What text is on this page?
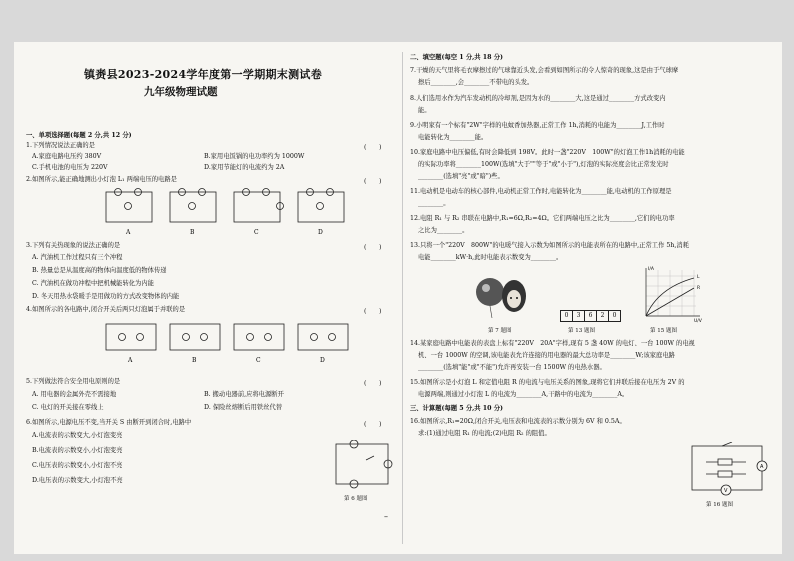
镇赉县2023-2024学年度第一学期期末测试卷
九年级物理试题
一、单项选择题(每题 2 分,共 12 分)
1.下列情况说法正确的是	(　　)
A.家庭电路电压约 380V	B.家用电饭锅的电功率约为 1000W
C.手机电池的电压为 220V	D.家用节能灯的电流约为 2A
2.如图所示,能正确地测出小灯泡 L₁ 两端电压的电路是	(　　)
A	B	C	D
3.下列有关热现象的说法正确的是	(　　)
A. 汽油机工作过程只有三个冲程
B. 热量总是从温度高的物体向温度低的物体传递
C. 汽油机在做功冲程中把机械能转化为内能
D. 冬天用热水袋暖手是用做功的方式改变物体的内能
4.如图所示的各电路中,闭合开关后两只灯泡属于并联的是	(　　)
A	B	C	D
5.下列做法符合安全用电原则的是	(　　)
A. 用电器的金属外壳不需接地	B. 搬动电器前,应将电源断开
C. 电灯的开关接在零线上	D. 保险丝熔断后用铁丝代替
6.如图所示,电源电压不变,当开关 S 由断开到闭合时,电路中	(　　)
A.电流表的示数变大,小灯泡变亮
B.电流表的示数变小,小灯泡变亮
C.电压表的示数变小,小灯泡不亮
D.电压表的示数变大,小灯泡不亮
第 6 题图
二、填空题(每空 1 分,共 18 分)
7.干燥的天气里将毛衣摩擦过的气球靠近头发,会看到如图所示的令人惊奇的现象,这是由于气球摩
擦后________,会________不带电的头发。
8.人们选用水作为汽车发动机的冷却剂,是因为水的________大,这是通过________方式改变内
能。
9.小明家有一个标有"2W"字样的电蚊香加热器,正常工作 1h,消耗的电能为________J,工作时
电能转化为________能。
10.家庭电路中电压偏低,有时会降低到 198V。此时一盏"220V　100W"的灯泡工作1h消耗的电能
的实际功率将________100W(选填"大于""等于"或"小于"),灯泡的实际亮度会比正常发光时
________(选填"亮"或"暗")些。
11.电动机是电动车的核心部件,电动机正常工作时,电能转化为________能,电动机的工作原理是
________。
12.电阻 R₁ 与 R₂ 串联在电路中,R₁=6Ω,R₂=4Ω。它们两端电压之比为________,它们的电功率
之比为________。
13.只将一个"220V　800W"的电暖气接入示数为如图所示的电能表所在的电路中,正常工作 5h,消耗
电能________kW·h,此时电能表示数变为________。
第 7 题图
0	3	6	2	0
第 13 题图
I/A
U/V
L
R
第 15 题图
14.某家庭电路中电能表的表盘上标有"220V　20A"字样,现有 5 盏 40W 的电灯、一台 100W 的电视
机、一台 1000W 的空调,该电能表允许连接的用电器的最大总功率是________W;该家庭电路
________(选填"能"或"不能")允许再安装一台 1500W 的电热水器。
15.如图所示是小灯泡 L 和定值电阻 R 的电流与电压关系的图象,现将它们并联后接在电压为 2V 的
电源两端,则通过小灯泡 L 的电流为________A,干路中的电流为________A。
三、计算题(每题 5 分,共 10 分)
16.如图所示,R₁=20Ω,闭合开关,电压表和电流表的示数分别为 6V 和 0.5A。
求:(1)通过电阻 R₁ 的电流;(2)电阻 R₂ 的阻值。
A
V
第 16 题图
–
